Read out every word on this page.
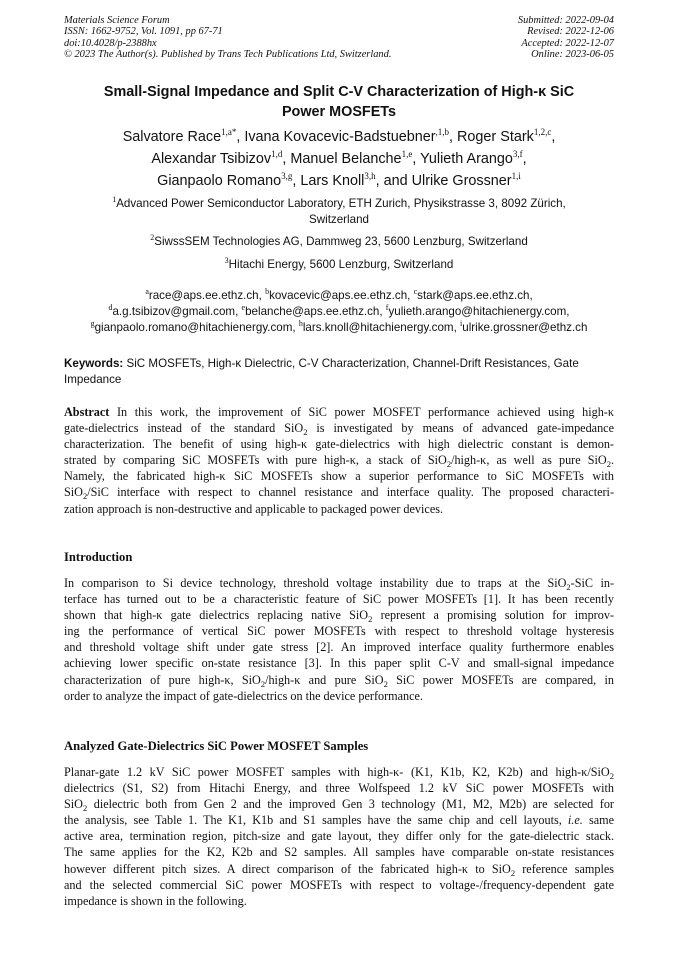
Materials Science Forum
ISSN: 1662-9752, Vol. 1091, pp 67-71
doi:10.4028/p-2388hx
© 2023 The Author(s). Published by Trans Tech Publications Ltd, Switzerland.
Submitted: 2022-09-04
Revised: 2022-12-06
Accepted: 2022-12-07
Online: 2023-06-05
Small-Signal Impedance and Split C-V Characterization of High-κ SiC
Power MOSFETs
Salvatore Race$^{1,a*}$, Ivana Kovacevic-Badstuebner$^{,1,b}$, Roger Stark$^{1,2,c}$,
Alexandar Tsibizov$^{1,d}$, Manuel Belanche$^{1,e}$, Yulieth Arango$^{3,f}$,
Gianpaolo Romano$^{3,g}$, Lars Knoll$^{3,h}$, and Ulrike Grossner$^{1,i}$
$^1$Advanced Power Semiconductor Laboratory, ETH Zurich, Physikstrasse 3, 8092 Zürich,
Switzerland
$^2$SiwssSEM Technologies AG, Dammweg 23, 5600 Lenzburg, Switzerland
$^3$Hitachi Energy, 5600 Lenzburg, Switzerland
$^a$race@aps.ee.ethz.ch, $^b$kovacevic@aps.ee.ethz.ch, $^c$stark@aps.ee.ethz.ch,
$^d$a.g.tsibizov@gmail.com, $^e$belanche@aps.ee.ethz.ch, $^f$yulieth.arango@hitachienergy.com,
$^g$gianpaolo.romano@hitachienergy.com, $^h$lars.knoll@hitachienergy.com, $^i$ulrike.grossner@ethz.ch
Keywords: SiC MOSFETs, High-κ Dielectric, C-V Characterization, Channel-Drift Resistances, Gate
Impedance
Abstract In this work, the improvement of SiC power MOSFET performance achieved using high-κ
gate-dielectrics instead of the standard SiO$_2$ is investigated by means of advanced gate-impedance
characterization. The benefit of using high-κ gate-dielectrics with high dielectric constant is demon-
strated by comparing SiC MOSFETs with pure high-κ, a stack of SiO$_2$/high-κ, as well as pure SiO$_2$.
Namely, the fabricated high-κ SiC MOSFETs show a superior performance to SiC MOSFETs with
SiO$_2$/SiC interface with respect to channel resistance and interface quality. The proposed characteri-
zation approach is non-destructive and applicable to packaged power devices.
Introduction
In comparison to Si device technology, threshold voltage instability due to traps at the SiO$_2$-SiC in-
terface has turned out to be a characteristic feature of SiC power MOSFETs [1]. It has been recently
shown that high-κ gate dielectrics replacing native SiO$_2$ represent a promising solution for improv-
ing the performance of vertical SiC power MOSFETs with respect to threshold voltage hysteresis
and threshold voltage shift under gate stress [2]. An improved interface quality furthermore enables
achieving lower specific on-state resistance [3]. In this paper split C-V and small-signal impedance
characterization of pure high-κ, SiO$_2$/high-κ and pure SiO$_2$ SiC power MOSFETs are compared, in
order to analyze the impact of gate-dielectrics on the device performance.
Analyzed Gate-Dielectrics SiC Power MOSFET Samples
Planar-gate 1.2 kV SiC power MOSFET samples with high-κ- (K1, K1b, K2, K2b) and high-κ/SiO$_2$
dielectrics (S1, S2) from Hitachi Energy, and three Wolfspeed 1.2 kV SiC power MOSFETs with
SiO$_2$ dielectric both from Gen 2 and the improved Gen 3 technology (M1, M2, M2b) are selected for
the analysis, see Table 1. The K1, K1b and S1 samples have the same chip and cell layouts, i.e. same
active area, termination region, pitch-size and gate layout, they differ only for the gate-dielectric stack.
The same applies for the K2, K2b and S2 samples. All samples have comparable on-state resistances
however different pitch sizes. A direct comparison of the fabricated high-κ to SiO$_2$ reference samples
and the selected commercial SiC power MOSFETs with respect to voltage-/frequency-dependent gate
impedance is shown in the following.
